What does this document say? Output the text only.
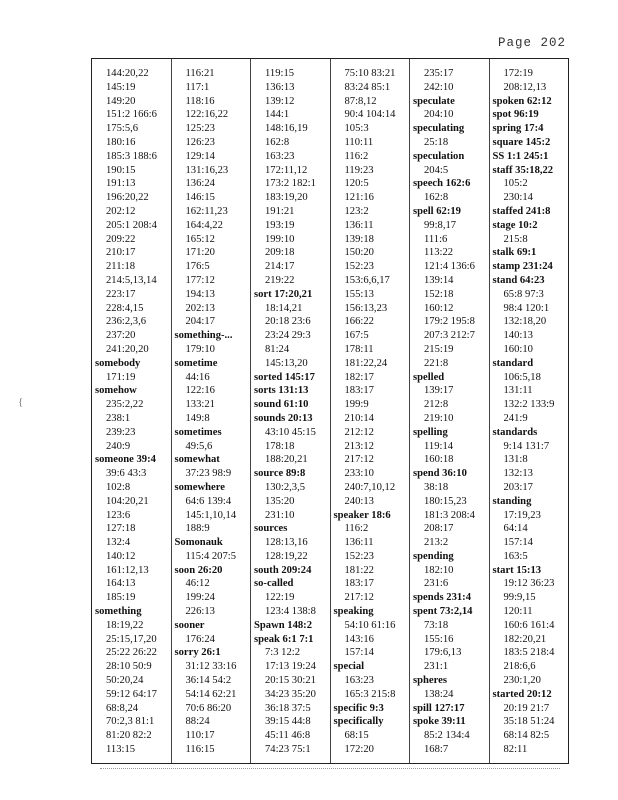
Page 202
{
144:20,22
145:19
149:20
151:2 166:6
175:5,6
180:16
185:3 188:6
190:15
191:13
196:20,22
202:12
205:1 208:4
209:22
210:17
211:18
214:5,13,14
223:17
228:4,15
236:2,3,6
237:20
241:20,20
somebody
171:19
somehow
235:2,22
238:1
239:23
240:9
someone 39:4
39:6 43:3
102:8
104:20,21
123:6
127:18
132:4
140:12
161:12,13
164:13
185:19
something
18:19,22
25:15,17,20
25:22 26:22
28:10 50:9
50:20,24
59:12 64:17
68:8,24
70:2,3 81:1
81:20 82:2
113:15
116:21
117:1
118:16
122:16,22
125:23
126:23
129:14
131:16,23
136:24
146:15
162:11,23
164:4,22
165:12
171:20
176:5
177:12
194:13
202:13
204:17
something-...
179:10
sometime
44:16
122:16
133:21
149:8
sometimes
49:5,6
somewhat
37:23 98:9
somewhere
64:6 139:4
145:1,10,14
188:9
Somonauk
115:4 207:5
soon 26:20
46:12
199:24
226:13
sooner
176:24
sorry 26:1
31:12 33:16
36:14 54:2
54:14 62:21
70:6 86:20
88:24
110:17
116:15
119:15
136:13
139:12
144:1
148:16,19
162:8
163:23
172:11,12
173:2 182:1
183:19,20
191:21
193:19
199:10
209:18
214:17
219:22
sort 17:20,21
18:14,21
20:18 23:6
23:24 29:3
81:24
145:13,20
sorted 145:17
sorts 131:13
sound 61:10
sounds 20:13
43:10 45:15
178:18
188:20,21
source 89:8
130:2,3,5
135:20
231:10
sources
128:13,16
128:19,22
south 209:24
so-called
122:19
123:4 138:8
Spawn 148:2
speak 6:1 7:1
7:3 12:2
17:13 19:24
20:15 30:21
34:23 35:20
36:18 37:5
39:15 44:8
45:11 46:8
74:23 75:1
75:10 83:21
83:24 85:1
87:8,12
90:4 104:14
105:3
110:11
116:2
119:23
120:5
121:16
123:2
136:11
139:18
150:20
152:23
153:6,6,17
155:13
156:13,23
166:22
167:5
178:11
181:22,24
182:17
183:17
199:9
210:14
212:12
213:12
217:12
233:10
240:7,10,12
240:13
speaker 18:6
116:2
136:11
152:23
181:22
183:17
217:12
speaking
54:10 61:16
143:16
157:14
special
163:23
165:3 215:8
specific 9:3
specifically
68:15
172:20
235:17
242:10
speculate
204:10
speculating
25:18
speculation
204:5
speech 162:6
162:8
spell 62:19
99:8,17
111:6
113:22
121:4 136:6
139:14
152:18
160:12
179:2 195:8
207:3 212:7
215:19
221:8
spelled
139:17
212:8
219:10
spelling
119:14
160:18
spend 36:10
38:18
180:15,23
181:3 208:4
208:17
213:2
spending
182:10
231:6
spends 231:4
spent 73:2,14
73:18
155:16
179:6,13
231:1
spheres
138:24
spill 127:17
spoke 39:11
85:2 134:4
168:7
172:19
208:12,13
spoken 62:12
spot 96:19
spring 17:4
square 145:2
SS 1:1 245:1
staff 35:18,22
105:2
230:14
staffed 241:8
stage 10:2
215:8
stalk 69:1
stamp 231:24
stand 64:23
65:8 97:3
98:4 120:1
132:18,20
140:13
160:10
standard
106:5,18
131:11
132:2 133:9
241:9
standards
9:14 131:7
131:8
132:13
203:17
standing
17:19,23
64:14
157:14
163:5
start 15:13
19:12 36:23
99:9,15
120:11
160:6 161:4
182:20,21
183:5 218:4
218:6,6
230:1,20
started 20:12
20:19 21:7
35:18 51:24
68:14 82:5
82:11
